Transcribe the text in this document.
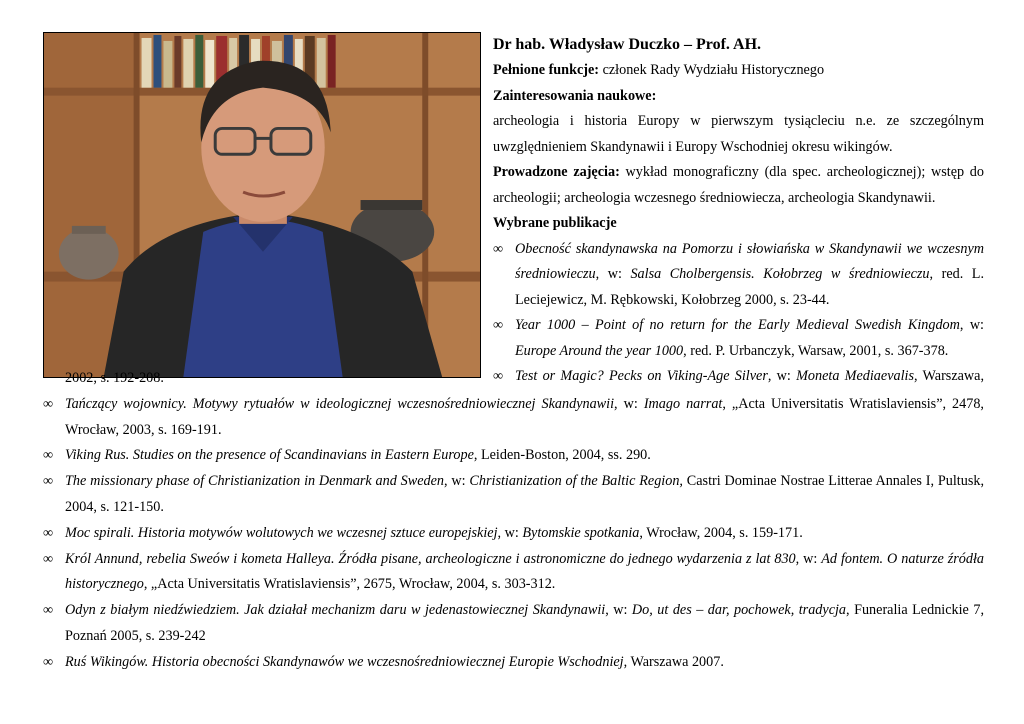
Dr hab. Władysław Duczko – Prof. AH.
Pełnione funkcje: członek Rady Wydziału Historycznego
Zainteresowania naukowe:
archeologia i historia Europy w pierwszym tysiącleciu n.e. ze szczególnym uwzględnieniem Skandynawii i Europy Wschodniej okresu wikingów.
Prowadzone zajęcia: wykład monograficzny (dla spec. archeologicznej); wstęp do archeologii; archeologia wczesnego średniowiecza, archeologia Skandynawii.
Wybrane publikacje
∞ Obecność skandynawska na Pomorzu i słowiańska w Skandynawii we wczesnym średniowieczu, w: Salsa Cholbergensis. Kołobrzeg w średniowieczu, red. L. Leciejewicz, M. Rębkowski, Kołobrzeg 2000, s. 23-44.
∞ Year 1000 – Point of no return for the Early Medieval Swedish Kingdom, w: Europe Around the year 1000, red. P. Urbanczyk, Warsaw, 2001, s. 367-378.
∞ Test or Magic? Pecks on Viking-Age Silver, w: Moneta Mediaevalis, Warszawa,
2002, s. 192-208.
∞ Tańczący wojownicy. Motywy rytuałów w ideologicznej wczesnośredniowiecznej Skandynawii, w: Imago narrat, „Acta Universitatis Wratislaviensis”, 2478, Wrocław, 2003, s. 169-191.
∞ Viking Rus. Studies on the presence of Scandinavians in Eastern Europe, Leiden-Boston, 2004, ss. 290.
∞ The missionary phase of Christianization in Denmark and Sweden, w: Christianization of the Baltic Region, Castri Dominae Nostrae Litterae Annales I, Pultusk, 2004, s. 121-150.
∞ Moc spirali. Historia motywów wolutowych we wczesnej sztuce europejskiej, w: Bytomskie spotkania, Wrocław, 2004, s. 159-171.
∞ Król Annund, rebelia Sweów i kometa Halleya. Źródła pisane, archeologiczne i astronomiczne do jednego wydarzenia z lat 830, w: Ad fontem. O naturze źródła historycznego, „Acta Universitatis Wratislaviensis”, 2675, Wrocław, 2004, s. 303-312.
∞ Odyn z białym niedźwiedziem. Jak działał mechanizm daru w jedenastowiecznej Skandynawii, w: Do, ut des – dar, pochowek, tradycja, Funeralia Lednickie 7, Poznań 2005, s. 239-242
∞ Ruś Wikingów. Historia obecności Skandynawów we wczesnośredniowiecznej Europie Wschodniej, Warszawa 2007.
